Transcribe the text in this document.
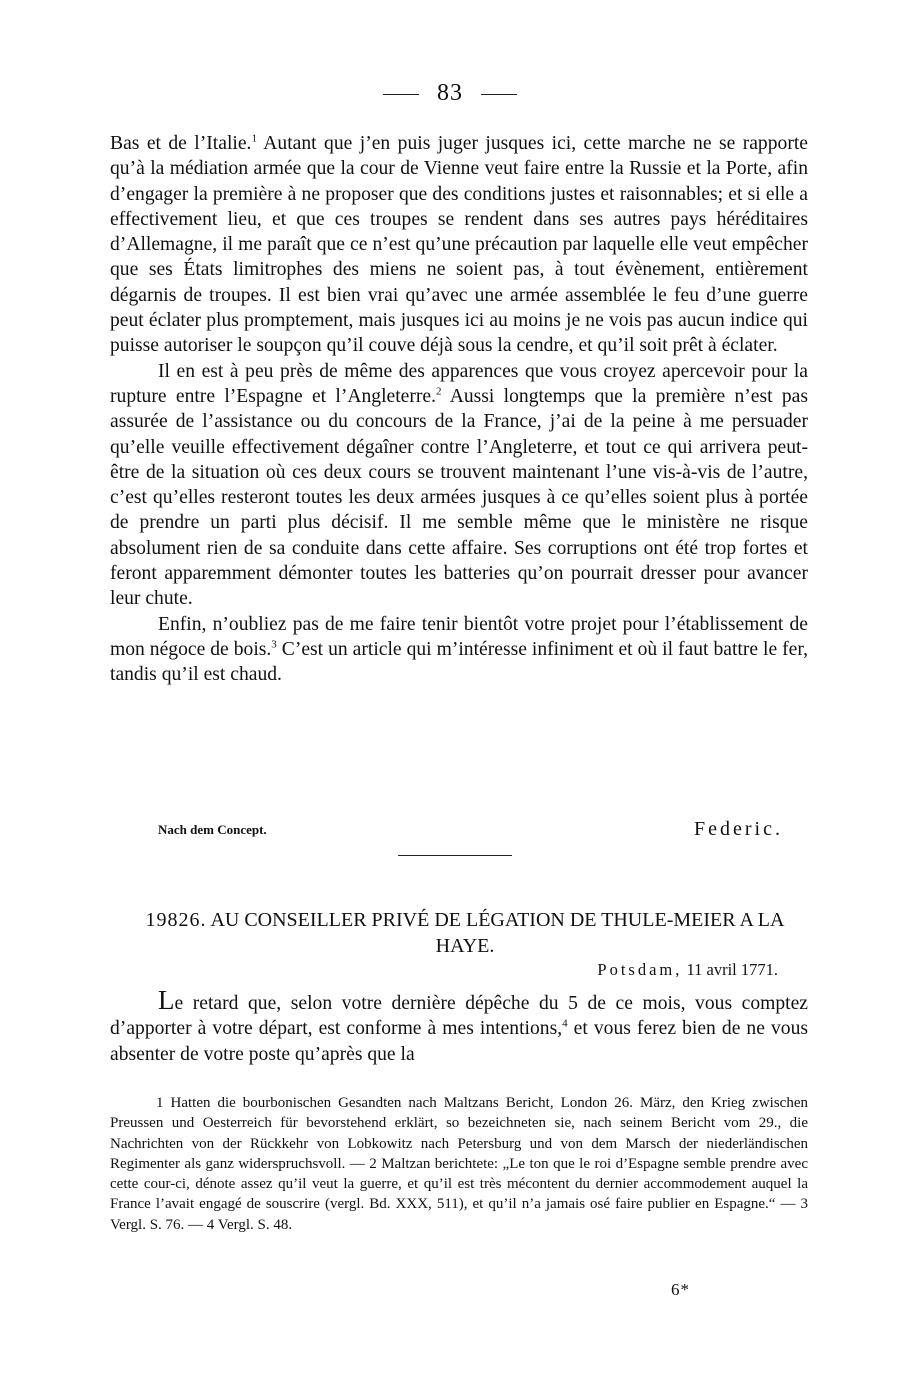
83

Bas et de l’Italie.$^1$ Autant que j’en puis juger jusques ici, cette marche ne se rapporte qu’à la médiation armée que la cour de Vienne veut faire entre la Russie et la Porte, afin d’engager la première à ne proposer que des conditions justes et raisonnables; et si elle a effectivement lieu, et que ces troupes se rendent dans ses autres pays héréditaires d’Allemagne, il me paraît que ce n’est qu’une précaution par laquelle elle veut empêcher que ses États limitrophes des miens ne soient pas, à tout évènement, entièrement dégarnis de troupes. Il est bien vrai qu’avec une armée assemblée le feu d’une guerre peut éclater plus promptement, mais jusques ici au moins je ne vois pas aucun indice qui puisse autoriser le soupçon qu’il couve déjà sous la cendre, et qu’il soit prêt à éclater.

Il en est à peu près de même des apparences que vous croyez apercevoir pour la rupture entre l’Espagne et l’Angleterre.$^2$ Aussi longtemps que la première n’est pas assurée de l’assistance ou du concours de la France, j’ai de la peine à me persuader qu’elle veuille effectivement dégaîner contre l’Angleterre, et tout ce qui arrivera peut-être de la situation où ces deux cours se trouvent maintenant l’une vis-à-vis de l’autre, c’est qu’elles resteront toutes les deux armées jusques à ce qu’elles soient plus à portée de prendre un parti plus décisif. Il me semble même que le ministère ne risque absolument rien de sa conduite dans cette affaire. Ses corruptions ont été trop fortes et feront apparemment démonter toutes les batteries qu’on pourrait dresser pour avancer leur chute.

Enfin, n’oubliez pas de me faire tenir bientôt votre projet pour l’établissement de mon négoce de bois.$^3$ C’est un article qui m’intéresse infiniment et où il faut battre le fer, tandis qu’il est chaud.

Nach dem Concept.	Federic.
19826. AU CONSEILLER PRIVÉ DE LÉGATION DE THULE-MEIER A LA HAYE.
Potsdam, 11 avril 1771.

Le retard que, selon votre dernière dépêche du 5 de ce mois, vous comptez d’apporter à votre départ, est conforme à mes intentions,$^4$ et vous ferez bien de ne vous absenter de votre poste qu’après que la

1 Hatten die bourbonischen Gesandten nach Maltzans Bericht, London 26. März, den Krieg zwischen Preussen und Oesterreich für bevorstehend erklärt, so bezeichneten sie, nach seinem Bericht vom 29., die Nachrichten von der Rückkehr von Lobkowitz nach Petersburg und von dem Marsch der niederländischen Regimenter als ganz widerspruchsvoll. — 2 Maltzan berichtete: „Le ton que le roi d’Espagne semble prendre avec cette cour-ci, dénote assez qu’il veut la guerre, et qu’il est très mécontent du dernier accommodement auquel la France l’avait engagé de souscrire (vergl. Bd. XXX, 511), et qu’il n’a jamais osé faire publier en Espagne.“ — 3 Vergl. S. 76. — 4 Vergl. S. 48.

6*
